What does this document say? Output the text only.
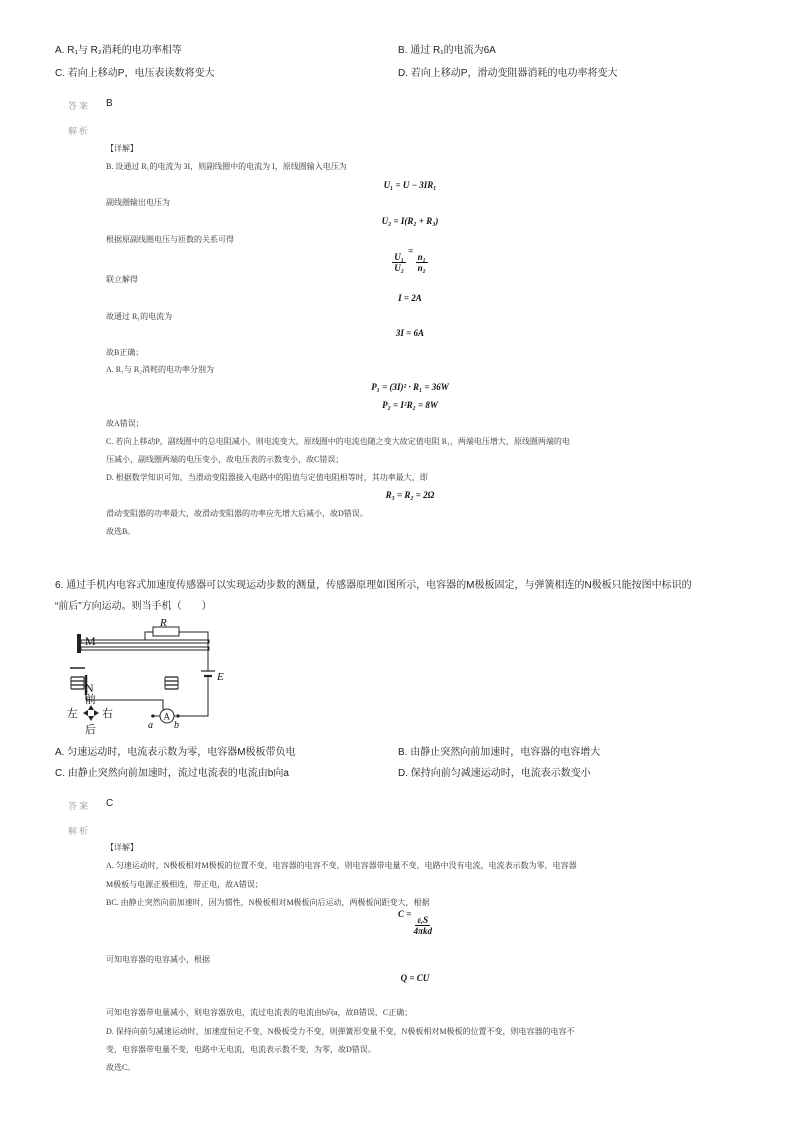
A. R₁与 R₂消耗的电功率相等	B. 通过 R₁的电流为6A
C. 若向上移动P，电压表读数将变大	D. 若向上移动P，滑动变阻器消耗的电功率将变大
答案 B
解析
【详解】
B. 设通过 R₁的电流为 3I，则副线圈中的电流为 I，原线圈输入电压为
U₁ = U − 3IR₁
副线圈输出电压为
U₂ = I(R₂ + R₃)
根据原副线圈电压与匝数的关系可得
$\frac{\text{U₁}}{\text{U₂}}$
=
$\frac{\text{n₁}}{\text{n₂}}$
联立解得
I = 2A
故通过 R₁的电流为
3I = 6A
故B正确；
A. R₁与 R₂消耗的电功率分别为
P₁ = (3I)² · R₁ = 36W
P₂ = I²R₂ = 8W
故A错误；
C. 若向上移动P，副线圈中的总电阻减小，则电流变大，原线圈中的电流也随之变大故定值电阻 R₁，两端电压增大，原线圈两端的电
压减小，副线圈两端的电压变小，故电压表的示数变小，故C错误；
D. 根据数学知识可知，当滑动变阻器接入电路中的阻值与定值电阻相等时，其功率最大，即
R₃ = R₂ = 2Ω
滑动变阻器的功率最大，故滑动变阻器的功率应先增大后减小，故D错误。
故选B。
6. 通过手机内电容式加速度传感器可以实现运动步数的测量，传感器原理如图所示，电容器的M极板固定，与弹簧相连的N极板只能按图中标识的
“前后”方向运动。则当手机（　　）
M
R
E
N
前
后
左 右	A
a b
A. 匀速运动时，电流表示数为零，电容器M极板带负电	B. 由静止突然向前加速时，电容器的电容增大
C. 由静止突然向前加速时，流过电流表的电流由b向a	D. 保持向前匀减速运动时，电流表示数变小
答案 C
解析
【详解】
A. 匀速运动时，N极板相对M极板的位置不变，电容器的电容不变，则电容器带电量不变，电路中没有电流，电流表示数为零，电容器
M极板与电源正极相连，带正电，故A错误；
BC. 由静止突然向前加速时，因为惯性，N极板相对M极板向后运动，两极板间距变大，根据
C =
$\frac{\text{εᵣS}}{\text{4πkd}}$
可知电容器的电容减小，根据
Q = CU
可知电容器带电量减小，则电容器放电，流过电流表的电流由b向a，故B错误，C正确；
D. 保持向前匀减速运动时，加速度恒定不变，N极板受力不变，则弹簧形变量不变，N极板相对M极板的位置不变，则电容器的电容不
变，电容器带电量不变，电路中无电流，电流表示数不变，为零，故D错误。
故选C。
